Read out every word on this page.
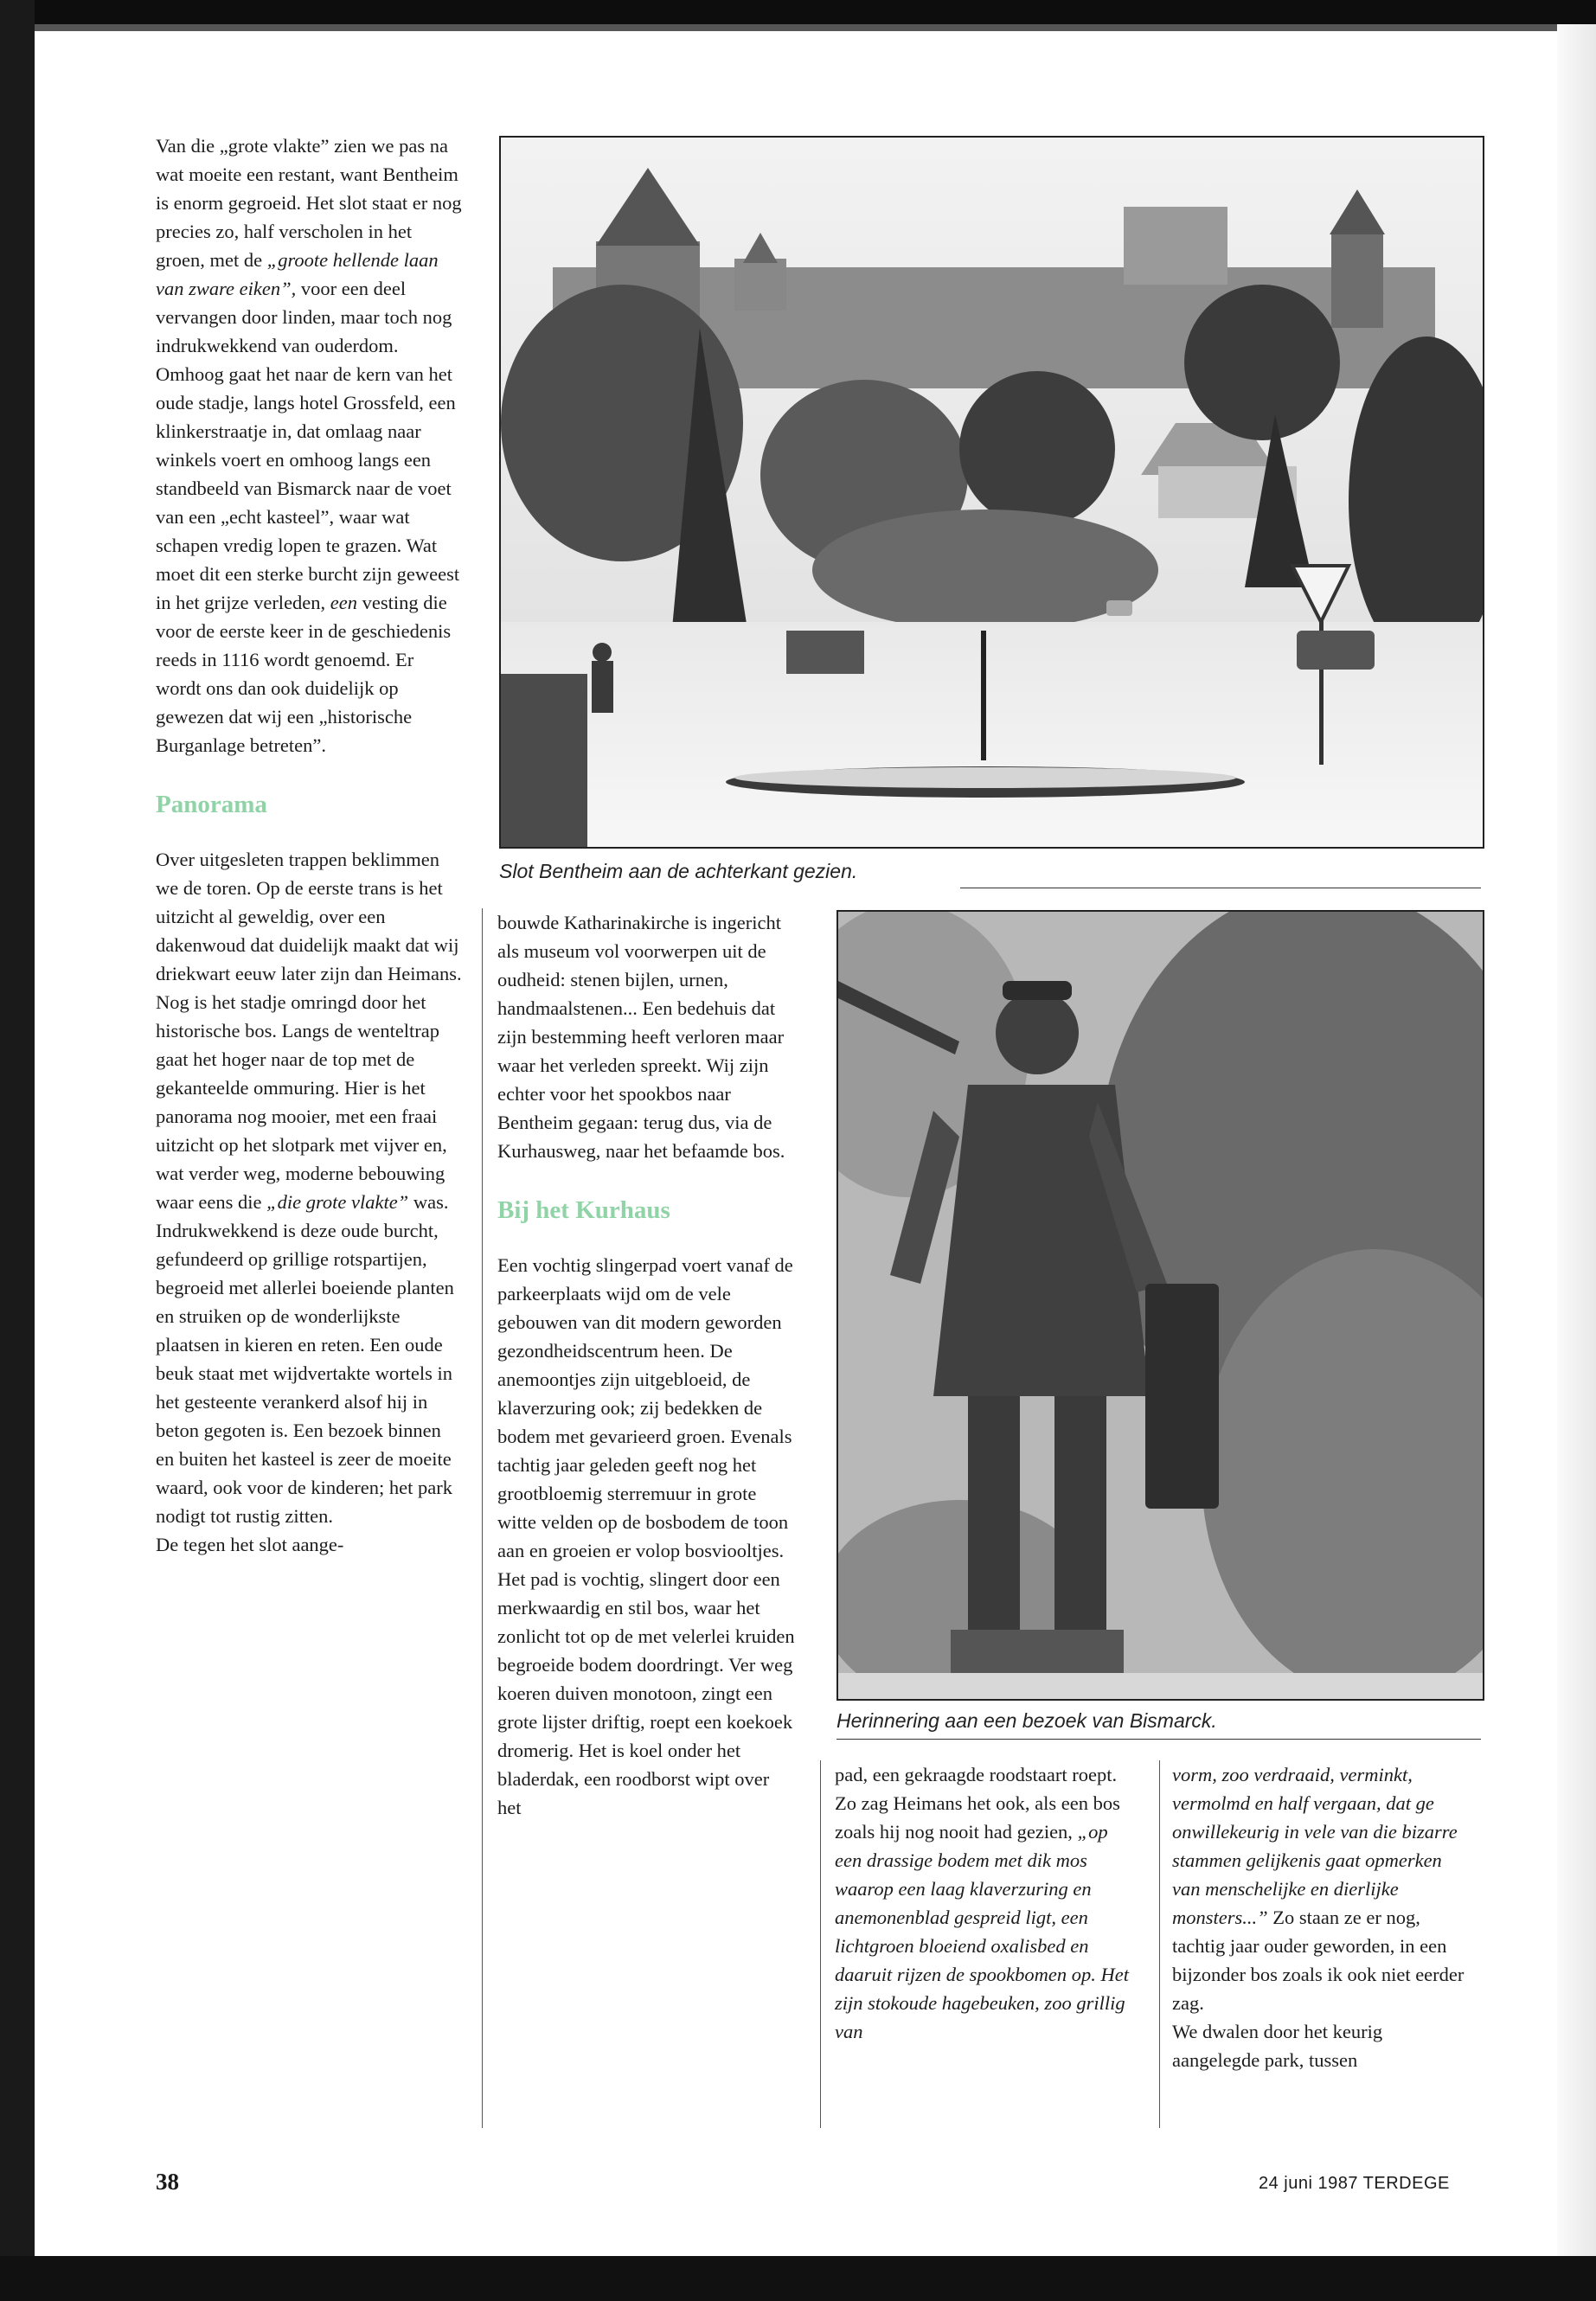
Van die „grote vlakte” zien we pas na wat moeite een restant, want Bentheim is enorm gegroeid. Het slot staat er nog precies zo, half verscholen in het groen, met de „groote hellende laan van zware eiken”, voor een deel vervangen door linden, maar toch nog indrukwekkend van ouderdom.

Omhoog gaat het naar de kern van het oude stadje, langs hotel Grossfeld, een klinkerstraatje in, dat omlaag naar winkels voert en omhoog langs een standbeeld van Bismarck naar de voet van een „echt kasteel”, waar wat schapen vredig lopen te grazen. Wat moet dit een sterke burcht zijn geweest in het grijze verleden, een vesting die voor de eerste keer in de geschiedenis reeds in 1116 wordt genoemd. Er wordt ons dan ook duidelijk op gewezen dat wij een „historische Burganlage betreten”.

Panorama

Over uitgesleten trappen beklimmen we de toren. Op de eerste trans is het uitzicht al geweldig, over een dakenwoud dat duidelijk maakt dat wij driekwart eeuw later zijn dan Heimans. Nog is het stadje omringd door het historische bos. Langs de wenteltrap gaat het hoger naar de top met de gekanteelde ommuring. Hier is het panorama nog mooier, met een fraai uitzicht op het slotpark met vijver en, wat verder weg, moderne bebouwing waar eens die „die grote vlakte” was.

Indrukwekkend is deze oude burcht, gefundeerd op grillige rotspartijen, begroeid met allerlei boeiende planten en struiken op de wonderlijkste plaatsen in kieren en reten. Een oude beuk staat met wijdvertakte wortels in het gesteente verankerd alsof hij in beton gegoten is. Een bezoek binnen en buiten het kasteel is zeer de moeite waard, ook voor de kinderen; het park nodigt tot rustig zitten.

De tegen het slot aange-

Slot Bentheim aan de achterkant gezien.

bouwde Katharinakirche is ingericht als museum vol voorwerpen uit de oudheid: stenen bijlen, urnen, handmaalstenen... Een bedehuis dat zijn bestemming heeft verloren maar waar het verleden spreekt. Wij zijn echter voor het spookbos naar Bentheim gegaan: terug dus, via de Kurhausweg, naar het befaamde bos.

Bij het Kurhaus

Een vochtig slingerpad voert vanaf de parkeerplaats wijd om de vele gebouwen van dit modern geworden gezondheidscentrum heen. De anemoontjes zijn uitgebloeid, de klaverzuring ook; zij bedekken de bodem met gevarieerd groen. Evenals tachtig jaar geleden geeft nog het grootbloemig sterremuur in grote witte velden op de bosbodem de toon aan en groeien er volop bosviooltjes.

Het pad is vochtig, slingert door een merkwaardig en stil bos, waar het zonlicht tot op de met velerlei kruiden begroeide bodem doordringt. Ver weg koeren duiven monotoon, zingt een grote lijster driftig, roept een koekoek dromerig. Het is koel onder het bladerdak, een roodborst wipt over het

Herinnering aan een bezoek van Bismarck.

pad, een gekraagde roodstaart roept.

Zo zag Heimans het ook, als een bos zoals hij nog nooit had gezien, „op een drassige bodem met dik mos waarop een laag klaverzuring en anemonenblad gespreid ligt, een lichtgroen bloeiend oxalisbed en daaruit rijzen de spookbomen op. Het zijn stokoude hagebeuken, zoo grillig van

vorm, zoo verdraaid, verminkt, vermolmd en half vergaan, dat ge onwillekeurig in vele van die bizarre stammen gelijkenis gaat opmerken van menschelijke en dierlijke monsters...” Zo staan ze er nog, tachtig jaar ouder geworden, in een bijzonder bos zoals ik ook niet eerder zag.

We dwalen door het keurig aangelegde park, tussen

38	24 juni 1987 TERDEGE
